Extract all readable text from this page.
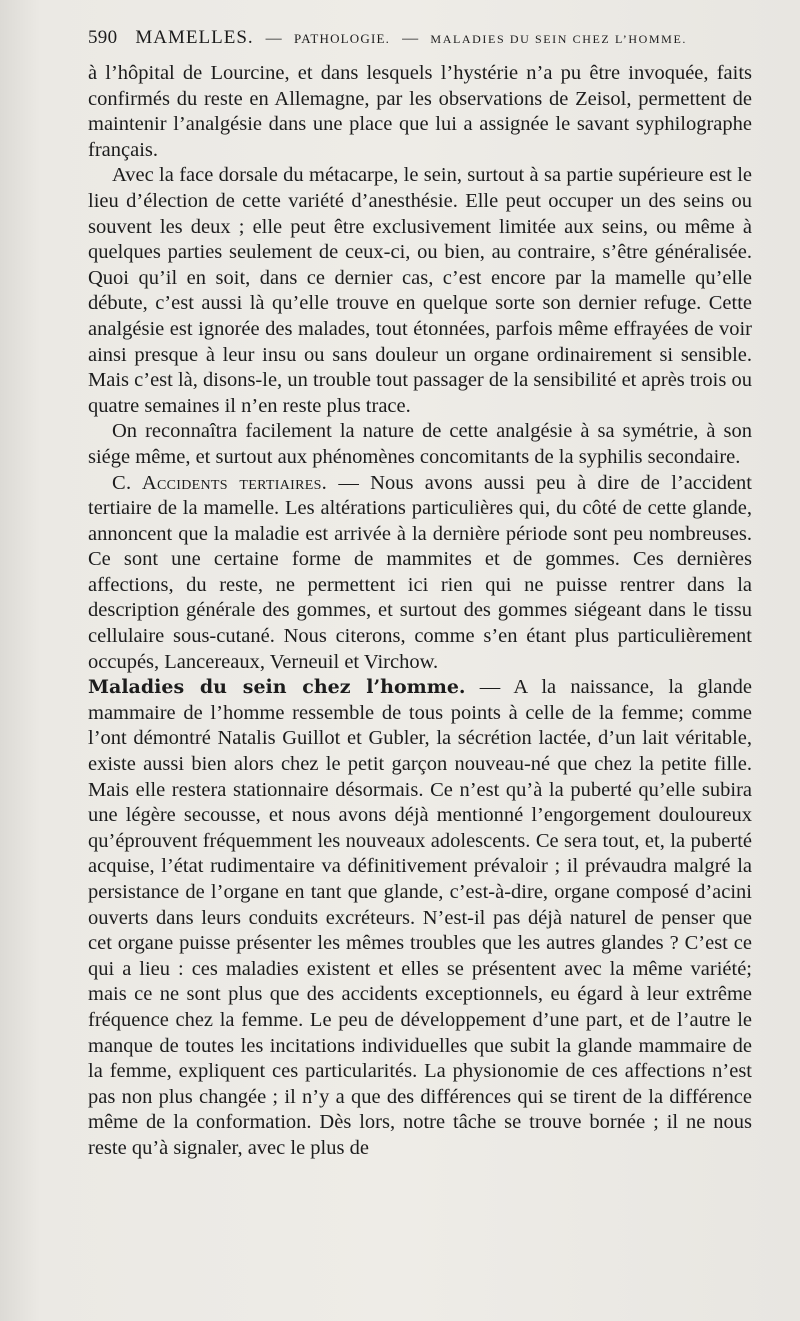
590 MAMELLES. — PATHOLOGIE. — MALADIES DU SEIN CHEZ L’HOMME.

à l’hôpital de Lourcine, et dans lesquels l’hystérie n’a pu être invoquée, faits confirmés du reste en Allemagne, par les observations de Zeisol, permettent de maintenir l’analgésie dans une place que lui a assignée le savant syphilographe français.

Avec la face dorsale du métacarpe, le sein, surtout à sa partie supérieure est le lieu d’élection de cette variété d’anesthésie. Elle peut occuper un des seins ou souvent les deux ; elle peut être exclusivement limitée aux seins, ou même à quelques parties seulement de ceux-ci, ou bien, au contraire, s’être généralisée. Quoi qu’il en soit, dans ce dernier cas, c’est encore par la mamelle qu’elle débute, c’est aussi là qu’elle trouve en quelque sorte son dernier refuge. Cette analgésie est ignorée des malades, tout étonnées, parfois même effrayées de voir ainsi presque à leur insu ou sans douleur un organe ordinairement si sensible. Mais c’est là, disons-le, un trouble tout passager de la sensibilité et après trois ou quatre semaines il n’en reste plus trace.

On reconnaîtra facilement la nature de cette analgésie à sa symétrie, à son siége même, et surtout aux phénomènes concomitants de la syphilis secondaire.

C. Accidents tertiaires. — Nous avons aussi peu à dire de l’accident tertiaire de la mamelle. Les altérations particulières qui, du côté de cette glande, annoncent que la maladie est arrivée à la dernière période sont peu nombreuses. Ce sont une certaine forme de mammites et de gommes. Ces dernières affections, du reste, ne permettent ici rien qui ne puisse rentrer dans la description générale des gommes, et surtout des gommes siégeant dans le tissu cellulaire sous-cutané. Nous citerons, comme s’en étant plus particulièrement occupés, Lancereaux, Verneuil et Virchow.

Maladies du sein chez l’homme. — A la naissance, la glande mammaire de l’homme ressemble de tous points à celle de la femme; comme l’ont démontré Natalis Guillot et Gubler, la sécrétion lactée, d’un lait véritable, existe aussi bien alors chez le petit garçon nouveau-né que chez la petite fille. Mais elle restera stationnaire désormais. Ce n’est qu’à la puberté qu’elle subira une légère secousse, et nous avons déjà mentionné l’engorgement douloureux qu’éprouvent fréquemment les nouveaux adolescents. Ce sera tout, et, la puberté acquise, l’état rudimentaire va définitivement prévaloir ; il prévaudra malgré la persistance de l’organe en tant que glande, c’est-à-dire, organe composé d’acini ouverts dans leurs conduits excréteurs. N’est-il pas déjà naturel de penser que cet organe puisse présenter les mêmes troubles que les autres glandes ? C’est ce qui a lieu : ces maladies existent et elles se présentent avec la même variété; mais ce ne sont plus que des accidents exceptionnels, eu égard à leur extrême fréquence chez la femme. Le peu de développement d’une part, et de l’autre le manque de toutes les incitations individuelles que subit la glande mammaire de la femme, expliquent ces particularités. La physionomie de ces affections n’est pas non plus changée ; il n’y a que des différences qui se tirent de la différence même de la conformation. Dès lors, notre tâche se trouve bornée ; il ne nous reste qu’à signaler, avec le plus de
